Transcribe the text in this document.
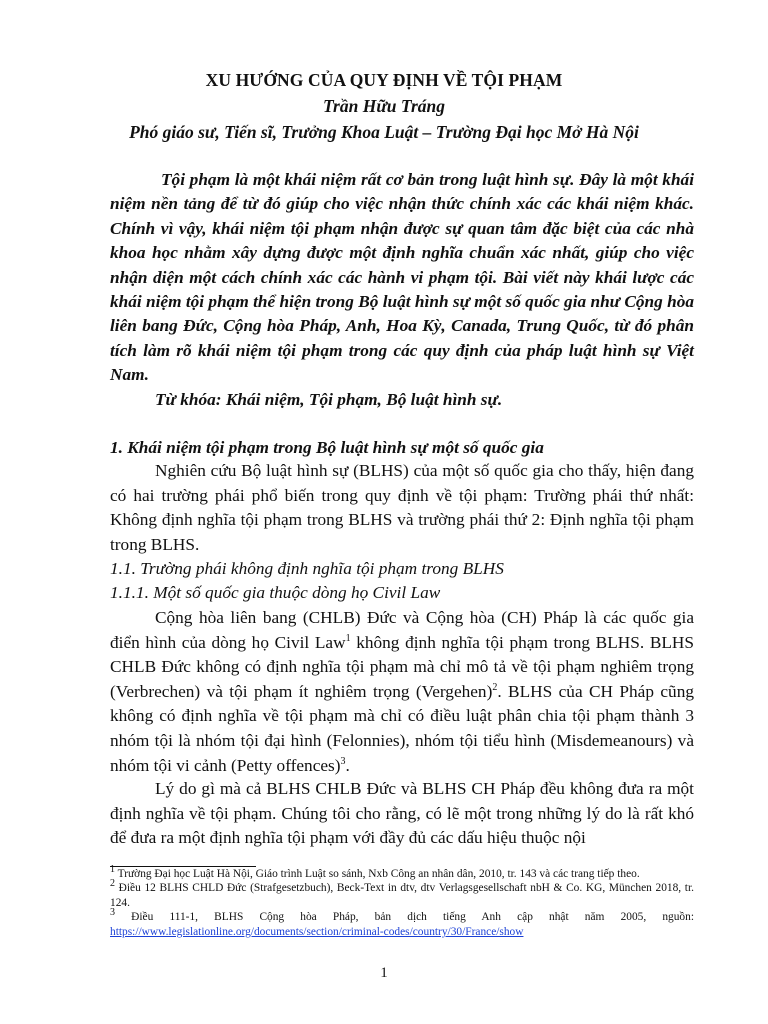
XU HƯỚNG CỦA QUY ĐỊNH VỀ TỘI PHẠM
Trần Hữu Tráng
Phó giáo sư, Tiến sĩ, Trưởng Khoa Luật – Trường Đại học Mở Hà Nội

Tội phạm là một khái niệm rất cơ bản trong luật hình sự. Đây là một khái niệm nền tảng để từ đó giúp cho việc nhận thức chính xác các khái niệm khác. Chính vì vậy, khái niệm tội phạm nhận được sự quan tâm đặc biệt của các nhà khoa học nhằm xây dựng được một định nghĩa chuẩn xác nhất, giúp cho việc nhận diện một cách chính xác các hành vi phạm tội. Bài viết này khái lược các khái niệm tội phạm thể hiện trong Bộ luật hình sự một số quốc gia như Cộng hòa liên bang Đức, Cộng hòa Pháp, Anh, Hoa Kỳ, Canada, Trung Quốc, từ đó phân tích làm rõ khái niệm tội phạm trong các quy định của pháp luật hình sự Việt Nam.

Từ khóa: Khái niệm, Tội phạm, Bộ luật hình sự.

1. Khái niệm tội phạm trong Bộ luật hình sự một số quốc gia

Nghiên cứu Bộ luật hình sự (BLHS) của một số quốc gia cho thấy, hiện đang có hai trường phái phổ biến trong quy định về tội phạm: Trường phái thứ nhất: Không định nghĩa tội phạm trong BLHS và trường phái thứ 2: Định nghĩa tội phạm trong BLHS.

1.1. Trường phái không định nghĩa tội phạm trong BLHS

1.1.1. Một số quốc gia thuộc dòng họ Civil Law

Cộng hòa liên bang (CHLB) Đức và Cộng hòa (CH) Pháp là các quốc gia điển hình của dòng họ Civil Law$^1$ không định nghĩa tội phạm trong BLHS. BLHS CHLB Đức không có định nghĩa tội phạm mà chỉ mô tả về tội phạm nghiêm trọng (Verbrechen) và tội phạm ít nghiêm trọng (Vergehen)$^2$. BLHS của CH Pháp cũng không có định nghĩa về tội phạm mà chỉ có điều luật phân chia tội phạm thành 3 nhóm tội là nhóm tội đại hình (Felonnies), nhóm tội tiểu hình (Misdemeanours) và nhóm tội vi cảnh (Petty offences)$^3$.

Lý do gì mà cả BLHS CHLB Đức và BLHS CH Pháp đều không đưa ra một định nghĩa về tội phạm. Chúng tôi cho rằng, có lẽ một trong những lý do là rất khó để đưa ra một định nghĩa tội phạm với đầy đủ các dấu hiệu thuộc nội

$^1$ Trường Đại học Luật Hà Nội, Giáo trình Luật so sánh, Nxb Công an nhân dân, 2010, tr. 143 và các trang tiếp theo.

$^2$ Điều 12 BLHS CHLD Đức (Strafgesetzbuch), Beck-Text in dtv, dtv Verlagsgesellschaft nbH & Co. KG, München 2018, tr. 124.

$^3$ Điều 111-1, BLHS Cộng hòa Pháp, bản dịch tiếng Anh cập nhật năm 2005, nguồn: https://www.legislationline.org/documents/section/criminal-codes/country/30/France/show

1
